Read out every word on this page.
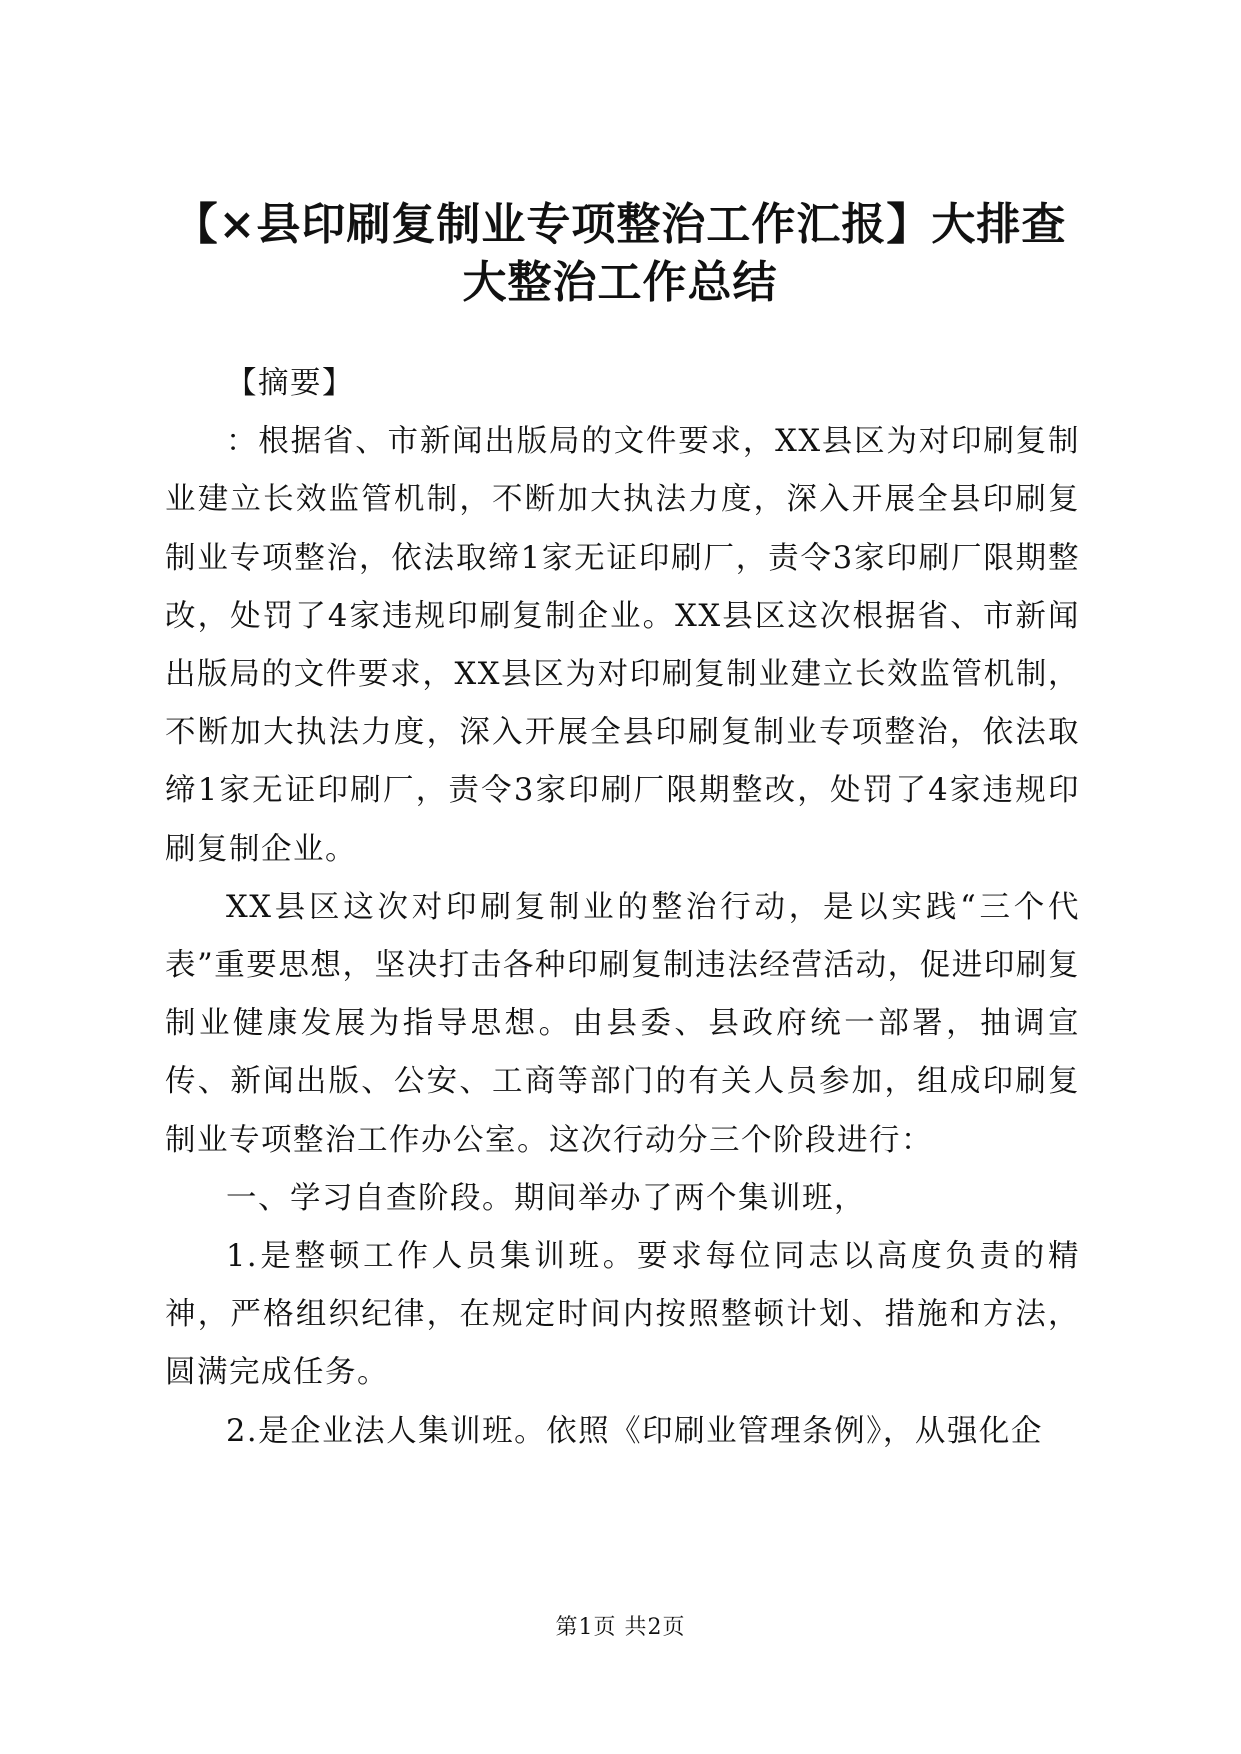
【×县印刷复制业专项整治工作汇报】大排查
大整治工作总结

【摘要】

：根据省、市新闻出版局的文件要求，XX县区为对印刷复制业建立长效监管机制，不断加大执法力度，深入开展全县印刷复制业专项整治，依法取缔1家无证印刷厂，责令3家印刷厂限期整改，处罚了4家违规印刷复制企业。XX县区这次根据省、市新闻出版局的文件要求，XX县区为对印刷复制业建立长效监管机制，不断加大执法力度，深入开展全县印刷复制业专项整治，依法取缔1家无证印刷厂，责令3家印刷厂限期整改，处罚了4家违规印刷复制企业。

XX县区这次对印刷复制业的整治行动，是以实践“三个代表”重要思想，坚决打击各种印刷复制违法经营活动，促进印刷复制业健康发展为指导思想。由县委、县政府统一部署，抽调宣传、新闻出版、公安、工商等部门的有关人员参加，组成印刷复制业专项整治工作办公室。这次行动分三个阶段进行：

一、学习自查阶段。期间举办了两个集训班，

1.是整顿工作人员集训班。要求每位同志以高度负责的精神，严格组织纪律，在规定时间内按照整顿计划、措施和方法，圆满完成任务。

2.是企业法人集训班。依照《印刷业管理条例》，从强化企

第1页 共2页
